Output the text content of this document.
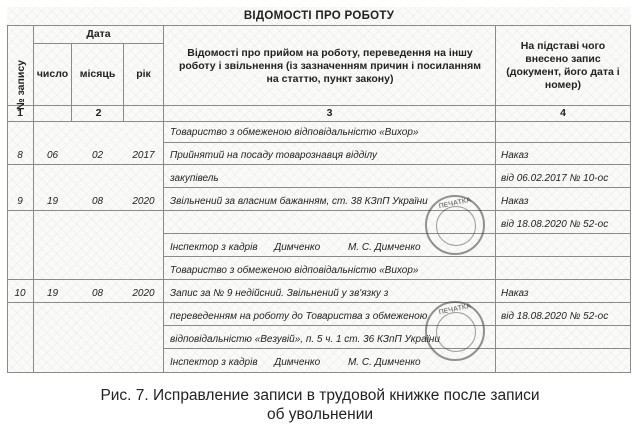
ВІДОМОСТІ ПРО РОБОТУ
№ запису
Дата
число	місяць	рік
Відомості про прийом на роботу, переведення на іншу роботу і звільнення (із зазначенням причин і посиланням на статтю, пункт закону)
На підставі чого внесено запис (документ, його дата і номер)
1	2	3	4
Товариство з обмеженою відповідальністю «Вихор»
8	06	02	2017	Прийнятий на посаду товарознавця відділу	Наказ
закупівель	від 06.02.2017 № 10-ос
9	19	08	2020	Звільнений за власним бажанням, ст. 38 КЗпП України	Наказ
від 18.08.2020 № 52-ос
Інспектор з кадрів      Димченко          М. С. Димченко
Товариство з обмеженою відповідальністю «Вихор»
10	19	08	2020	Запис за № 9 недійсний. Звільнений у зв'язку з	Наказ
переведенням на роботу до Товариства з обмеженою	від 18.08.2020 № 52-ос
відповідальністю «Везувій», п. 5 ч. 1 ст. 36 КЗпП України
Інспектор з кадрів      Димченко          М. С. Димченко
ПЕЧАТКА
ПЕЧАТКА
Рис. 7. Исправление записи в трудовой книжке после записи
об увольнении
